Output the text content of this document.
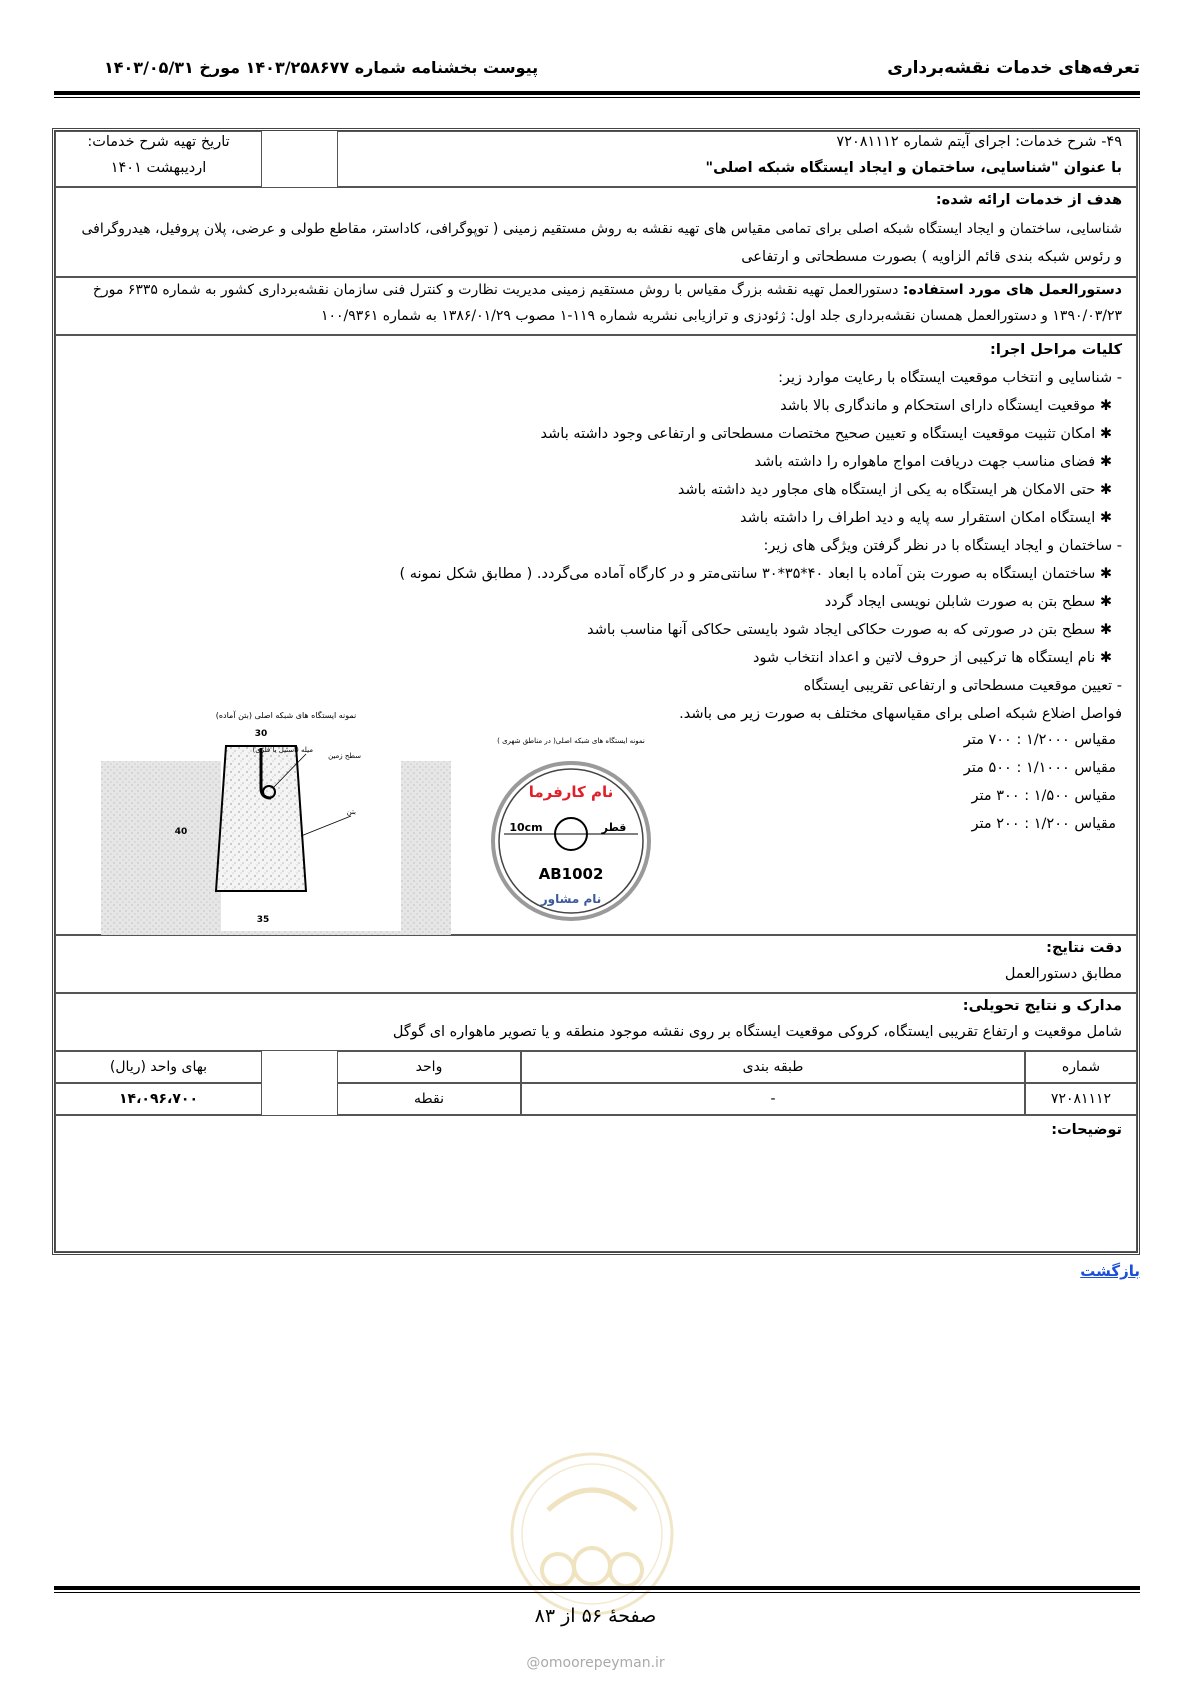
تعرفه‌های خدمات نقشه‌برداری
پیوست بخشنامه شماره ۱۴۰۳/۲۵۸۶۷۷ مورخ ۱۴۰۳/۰۵/۳۱
۴۹- شرح خدمات: اجرای آیتم شماره ۷۲۰۸۱۱۱۲
با عنوان "شناسایی، ساختمان و ایجاد ایستگاه شبکه اصلی"
تاریخ تهیه شرح خدمات:
اردیبهشت ۱۴۰۱
هدف از خدمات ارائه شده:
شناسایی، ساختمان و ایجاد ایستگاه شبکه اصلی برای تمامی مقیاس های تهیه نقشه به روش مستقیم زمینی ( توپوگرافی، کاداستر، مقاطع طولی و عرضی، پلان پروفیل، هیدروگرافی
و رئوس شبکه بندی قائم الزاویه ) بصورت مسطحاتی و ارتفاعی
دستورالعمل های مورد استفاده: دستورالعمل تهیه نقشه بزرگ مقیاس با روش مستقیم زمینی مدیریت نظارت و کنترل فنی سازمان نقشه‌برداری کشور به شماره ۶۳۳۵ مورخ
۱۳۹۰/۰۳/۲۳ و دستورالعمل همسان نقشه‌برداری جلد اول: ژئودزی و ترازیابی نشریه شماره ۱۱۹-۱ مصوب ۱۳۸۶/۰۱/۲۹ به شماره ۱۰۰/۹۳۶۱
کلیات مراحل اجرا:
- شناسایی و انتخاب موقعیت ایستگاه با رعایت موارد زیر:
✱ موقعیت ایستگاه دارای استحکام و ماندگاری بالا باشد
✱ امکان تثبیت موقعیت ایستگاه و تعیین صحیح مختصات مسطحاتی و ارتفاعی وجود داشته باشد
✱ فضای مناسب جهت دریافت امواج ماهواره را داشته باشد
✱ حتی الامکان هر ایستگاه به یکی از ایستگاه های مجاور دید داشته باشد
✱ ایستگاه امکان استقرار سه پایه و دید اطراف را داشته باشد
- ساختمان و ایجاد ایستگاه با در نظر گرفتن ویژگی های زیر:
✱ ساختمان ایستگاه به صورت بتن آماده با ابعاد ۴۰*۳۵*۳۰ سانتی‌متر و در کارگاه آماده می‌گردد. ( مطابق شکل نمونه )
✱ سطح بتن به صورت شابلن نویسی ایجاد گردد
✱ سطح بتن در صورتی که به صورت حکاکی ایجاد شود بایستی حکاکی آنها مناسب باشد
✱ نام ایستگاه ها ترکیبی از حروف لاتین و اعداد انتخاب شود
- تعیین موقعیت مسطحاتی و ارتفاعی تقریبی ایستگاه
فواصل اضلاع شبکه اصلی برای مقیاسهای مختلف به صورت زیر می باشد.
مقیاس ۱/۲۰۰۰ : ۷۰۰ متر
مقیاس ۱/۱۰۰۰ : ۵۰۰ متر
مقیاس ۱/۵۰۰ : ۳۰۰ متر
مقیاس ۱/۲۰۰ : ۲۰۰ متر
نمونه ایستگاه های شبکه اصلی (بتن آماده)
30
40
35
میله (استیل یا فلزی)
سطح زمین
بتن
نمونه ایستگاه های شبکه اصلی( در مناطق شهری )
نام کارفرما
10cm	قطر
AB1002
نام مشاور
دقت نتایج:
مطابق دستورالعمل
مدارک و نتایج تحویلی:
شامل موقعیت و ارتفاع تقریبی ایستگاه، کروکی موقعیت ایستگاه بر روی نقشه موجود منطقه و یا تصویر ماهواره ای گوگل
شماره
طبقه بندی
واحد
بهای واحد (ریال)
۷۲۰۸۱۱۱۲
-
نقطه
۱۴،۰۹۶،۷۰۰
توضیحات:
بازگشت
صفحهٔ ۵۶ از ۸۳
@omoorepeyman.ir
